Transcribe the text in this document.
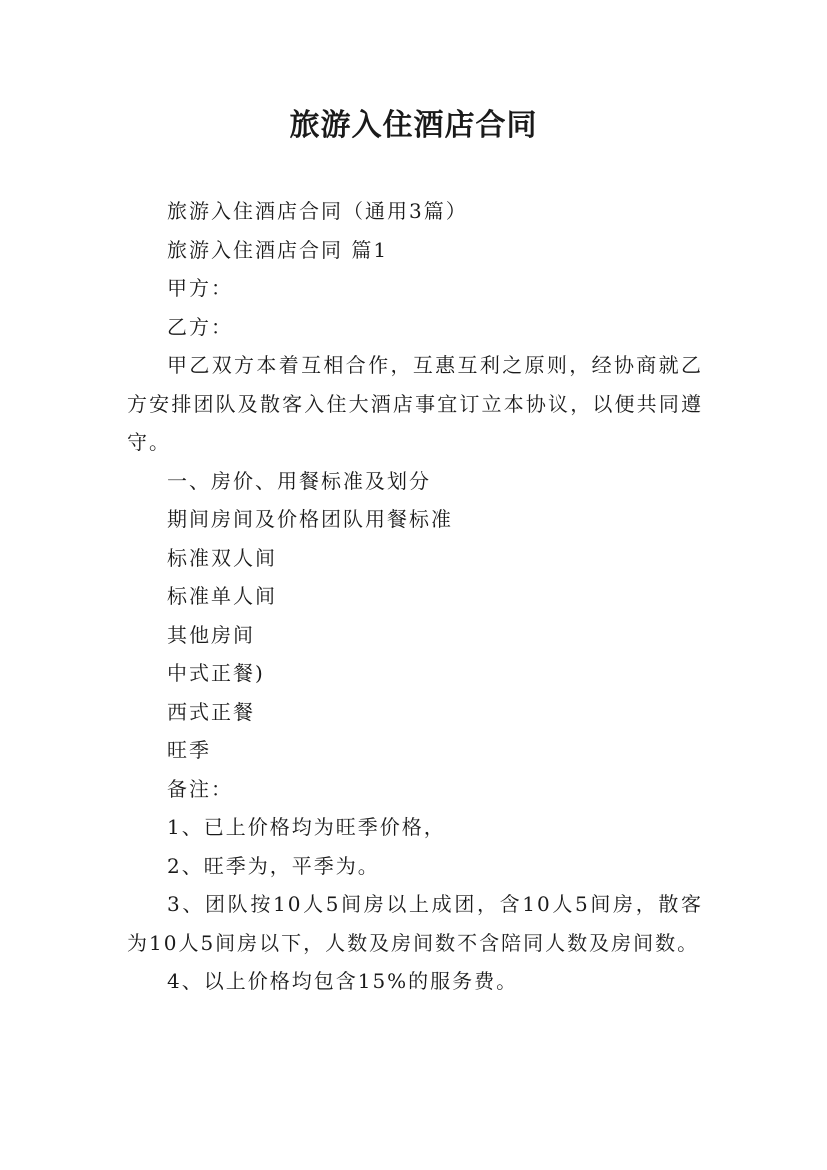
旅游入住酒店合同

旅游入住酒店合同（通用3篇）

旅游入住酒店合同 篇1

甲方：

乙方：

甲乙双方本着互相合作，互惠互利之原则，经协商就乙方安排团队及散客入住大酒店事宜订立本协议，以便共同遵守。

一、房价、用餐标准及划分

期间房间及价格团队用餐标准

标准双人间

标准单人间

其他房间

中式正餐)

西式正餐

旺季

备注：

1、已上价格均为旺季价格，

2、旺季为，平季为。

3、团队按10人5间房以上成团，含10人5间房，散客为10人5间房以下，人数及房间数不含陪同人数及房间数。

4、以上价格均包含15%的服务费。
